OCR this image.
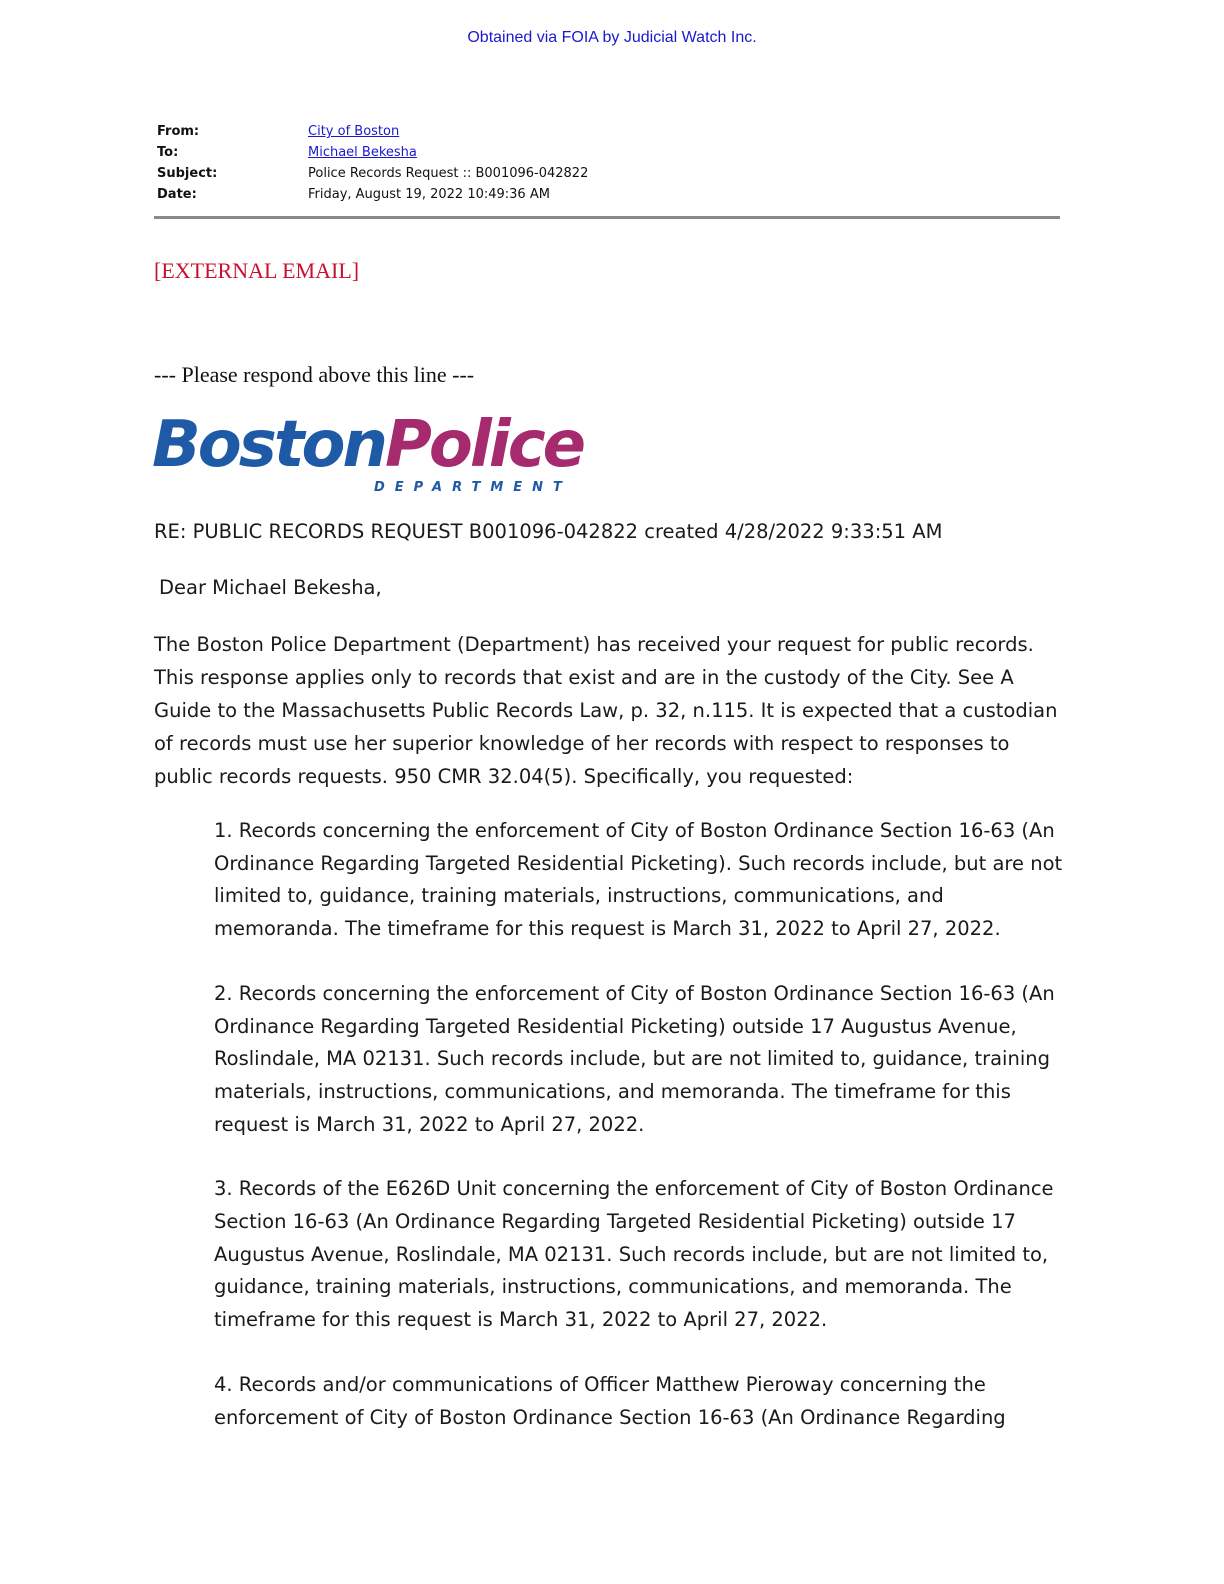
Obtained via FOIA by Judicial Watch Inc.
From:	City of Boston
To:	Michael Bekesha
Subject:	Police Records Request :: B001096-042822
Date:	Friday, August 19, 2022 10:49:36 AM
[EXTERNAL EMAIL]
--- Please respond above this line ---
BostonPolice
DEPARTMENT
RE: PUBLIC RECORDS REQUEST B001096-042822 created 4/28/2022 9:33:51 AM
Dear Michael Bekesha,
The Boston Police Department (Department) has received your request for public records. This response applies only to records that exist and are in the custody of the City. See A Guide to the Massachusetts Public Records Law, p. 32, n.115. It is expected that a custodian of records must use her superior knowledge of her records with respect to responses to public records requests. 950 CMR 32.04(5). Specifically, you requested:

1. Records concerning the enforcement of City of Boston Ordinance Section 16-63 (An Ordinance Regarding Targeted Residential Picketing). Such records include, but are not limited to, guidance, training materials, instructions, communications, and memoranda. The timeframe for this request is March 31, 2022 to April 27, 2022.

2. Records concerning the enforcement of City of Boston Ordinance Section 16-63 (An Ordinance Regarding Targeted Residential Picketing) outside 17 Augustus Avenue, Roslindale, MA 02131. Such records include, but are not limited to, guidance, training materials, instructions, communications, and memoranda. The timeframe for this request is March 31, 2022 to April 27, 2022.

3. Records of the E626D Unit concerning the enforcement of City of Boston Ordinance Section 16-63 (An Ordinance Regarding Targeted Residential Picketing) outside 17 Augustus Avenue, Roslindale, MA 02131. Such records include, but are not limited to, guidance, training materials, instructions, communications, and memoranda. The timeframe for this request is March 31, 2022 to April 27, 2022.

4. Records and/or communications of Officer Matthew Pieroway concerning the enforcement of City of Boston Ordinance Section 16-63 (An Ordinance Regarding
